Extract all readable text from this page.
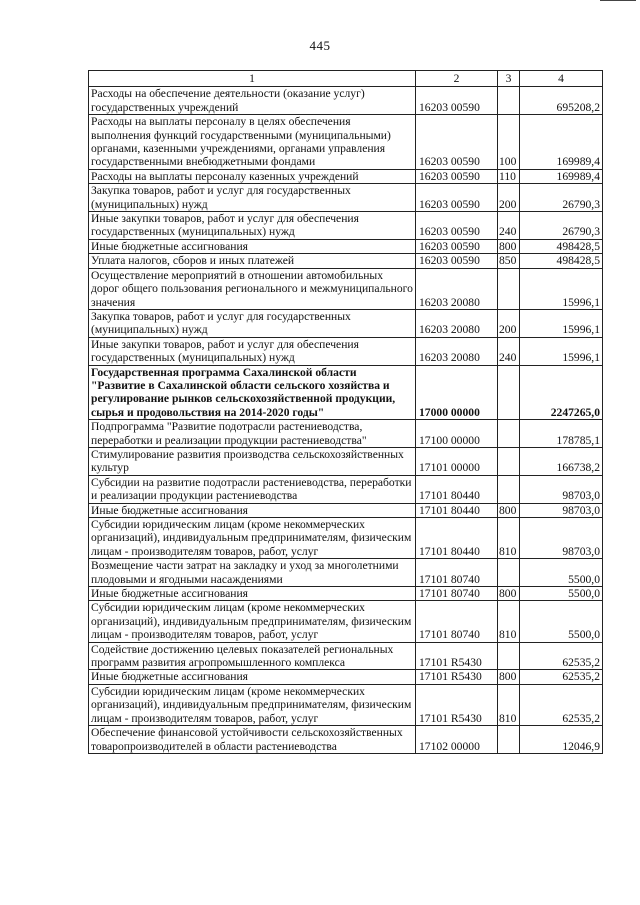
445
1	2	3	4
Расходы на обеспечение деятельности (оказание услуг) государственных учреждений	16203 00590		695208,2
Расходы на выплаты персоналу в целях обеспечения выполнения функций государственными (муниципальными) органами, казенными учреждениями, органами управления государственными внебюджетными фондами	16203 00590	100	169989,4
Расходы на выплаты персоналу казенных учреждений	16203 00590	110	169989,4
Закупка товаров, работ и услуг для государственных (муниципальных) нужд	16203 00590	200	26790,3
Иные закупки товаров, работ и услуг для обеспечения государственных (муниципальных) нужд	16203 00590	240	26790,3
Иные бюджетные ассигнования	16203 00590	800	498428,5
Уплата налогов, сборов и иных платежей	16203 00590	850	498428,5
Осуществление мероприятий в отношении автомобильных дорог общего пользования регионального и межмуниципального значения	16203 20080		15996,1
Закупка товаров, работ и услуг для государственных (муниципальных) нужд	16203 20080	200	15996,1
Иные закупки товаров, работ и услуг для обеспечения государственных (муниципальных) нужд	16203 20080	240	15996,1
Государственная программа Сахалинской области "Развитие в Сахалинской области сельского хозяйства и регулирование рынков сельскохозяйственной продукции, сырья и продовольствия на 2014-2020 годы"	17000 00000		2247265,0
Подпрограмма "Развитие подотрасли растениеводства, переработки и реализации продукции растениеводства"	17100 00000		178785,1
Стимулирование развития производства сельскохозяйственных культур	17101 00000		166738,2
Субсидии на развитие подотрасли растениеводства, переработки и реализации продукции растениеводства	17101 80440		98703,0
Иные бюджетные ассигнования	17101 80440	800	98703,0
Субсидии юридическим лицам (кроме некоммерческих организаций), индивидуальным предпринимателям, физическим лицам - производителям товаров, работ, услуг	17101 80440	810	98703,0
Возмещение части затрат на закладку и уход за многолетними плодовыми и ягодными насаждениями	17101 80740		5500,0
Иные бюджетные ассигнования	17101 80740	800	5500,0
Субсидии юридическим лицам (кроме некоммерческих организаций), индивидуальным предпринимателям, физическим лицам - производителям товаров, работ, услуг	17101 80740	810	5500,0
Содействие достижению целевых показателей региональных программ развития агропромышленного комплекса	17101 R5430		62535,2
Иные бюджетные ассигнования	17101 R5430	800	62535,2
Субсидии юридическим лицам (кроме некоммерческих организаций), индивидуальным предпринимателям, физическим лицам - производителям товаров, работ, услуг	17101 R5430	810	62535,2
Обеспечение финансовой устойчивости сельскохозяйственных товаропроизводителей в области растениеводства	17102 00000		12046,9
